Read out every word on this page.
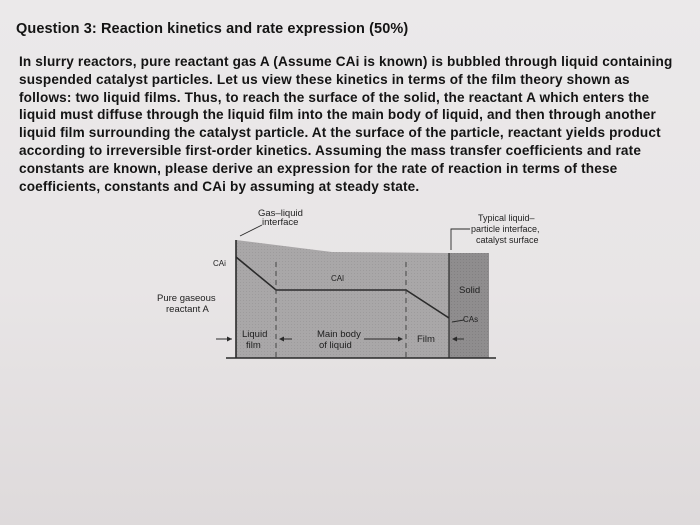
Question 3: Reaction kinetics and rate expression (50%)
In slurry reactors, pure reactant gas A (Assume CAi is known) is bubbled through liquid containing
suspended catalyst particles. Let us view these kinetics in terms of the film theory shown as
follows: two liquid films. Thus, to reach the surface of the solid, the reactant A which enters the
liquid must diffuse through the liquid film into the main body of liquid, and then through another
liquid film surrounding the catalyst particle. At the surface of the particle, reactant yields product
according to irreversible first-order kinetics. Assuming the mass transfer coefficients and rate
constants are known, please derive an expression for the rate of reaction in terms of these
coefficients, constants and CAi by assuming at steady state.
Gas–liquid
interface	Typical liquid–
particle interface,
catalyst surface
CAi
CAl
CAs
Pure gaseous
reactant A
Solid
Liquid
film
Main body
of liquid
Film
